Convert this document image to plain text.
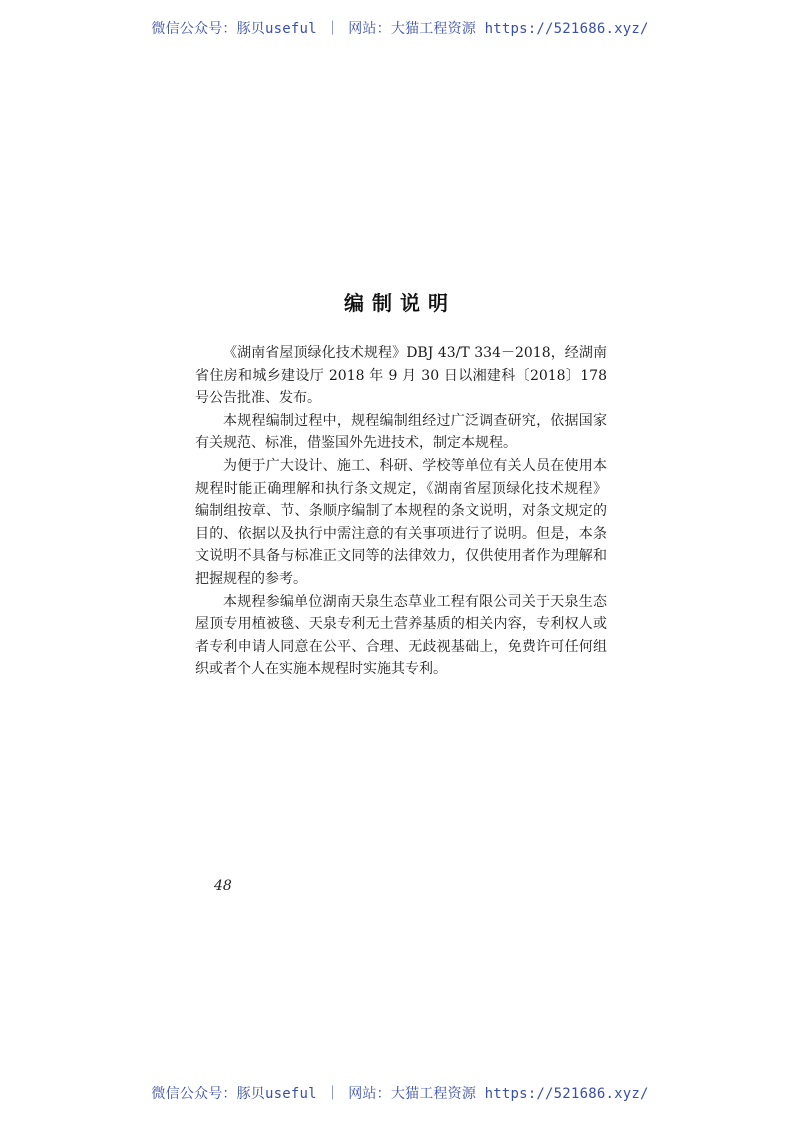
微信公众号：豚贝useful ｜ 网站：大猫工程资源 https://521686.xyz/
编制说明

《湖南省屋顶绿化技术规程》DBJ 43/T 334－2018，经湖南省住房和城乡建设厅 2018 年 9 月 30 日以湘建科〔2018〕178 号公告批准、发布。

本规程编制过程中，规程编制组经过广泛调查研究，依据国家有关规范、标准，借鉴国外先进技术，制定本规程。

为便于广大设计、施工、科研、学校等单位有关人员在使用本规程时能正确理解和执行条文规定，《湖南省屋顶绿化技术规程》编制组按章、节、条顺序编制了本规程的条文说明，对条文规定的目的、依据以及执行中需注意的有关事项进行了说明。但是，本条文说明不具备与标准正文同等的法律效力，仅供使用者作为理解和把握规程的参考。

本规程参编单位湖南天泉生态草业工程有限公司关于天泉生态屋顶专用植被毯、天泉专利无土营养基质的相关内容，专利权人或者专利申请人同意在公平、合理、无歧视基础上，免费许可任何组织或者个人在实施本规程时实施其专利。

48
微信公众号：豚贝useful ｜ 网站：大猫工程资源 https://521686.xyz/
